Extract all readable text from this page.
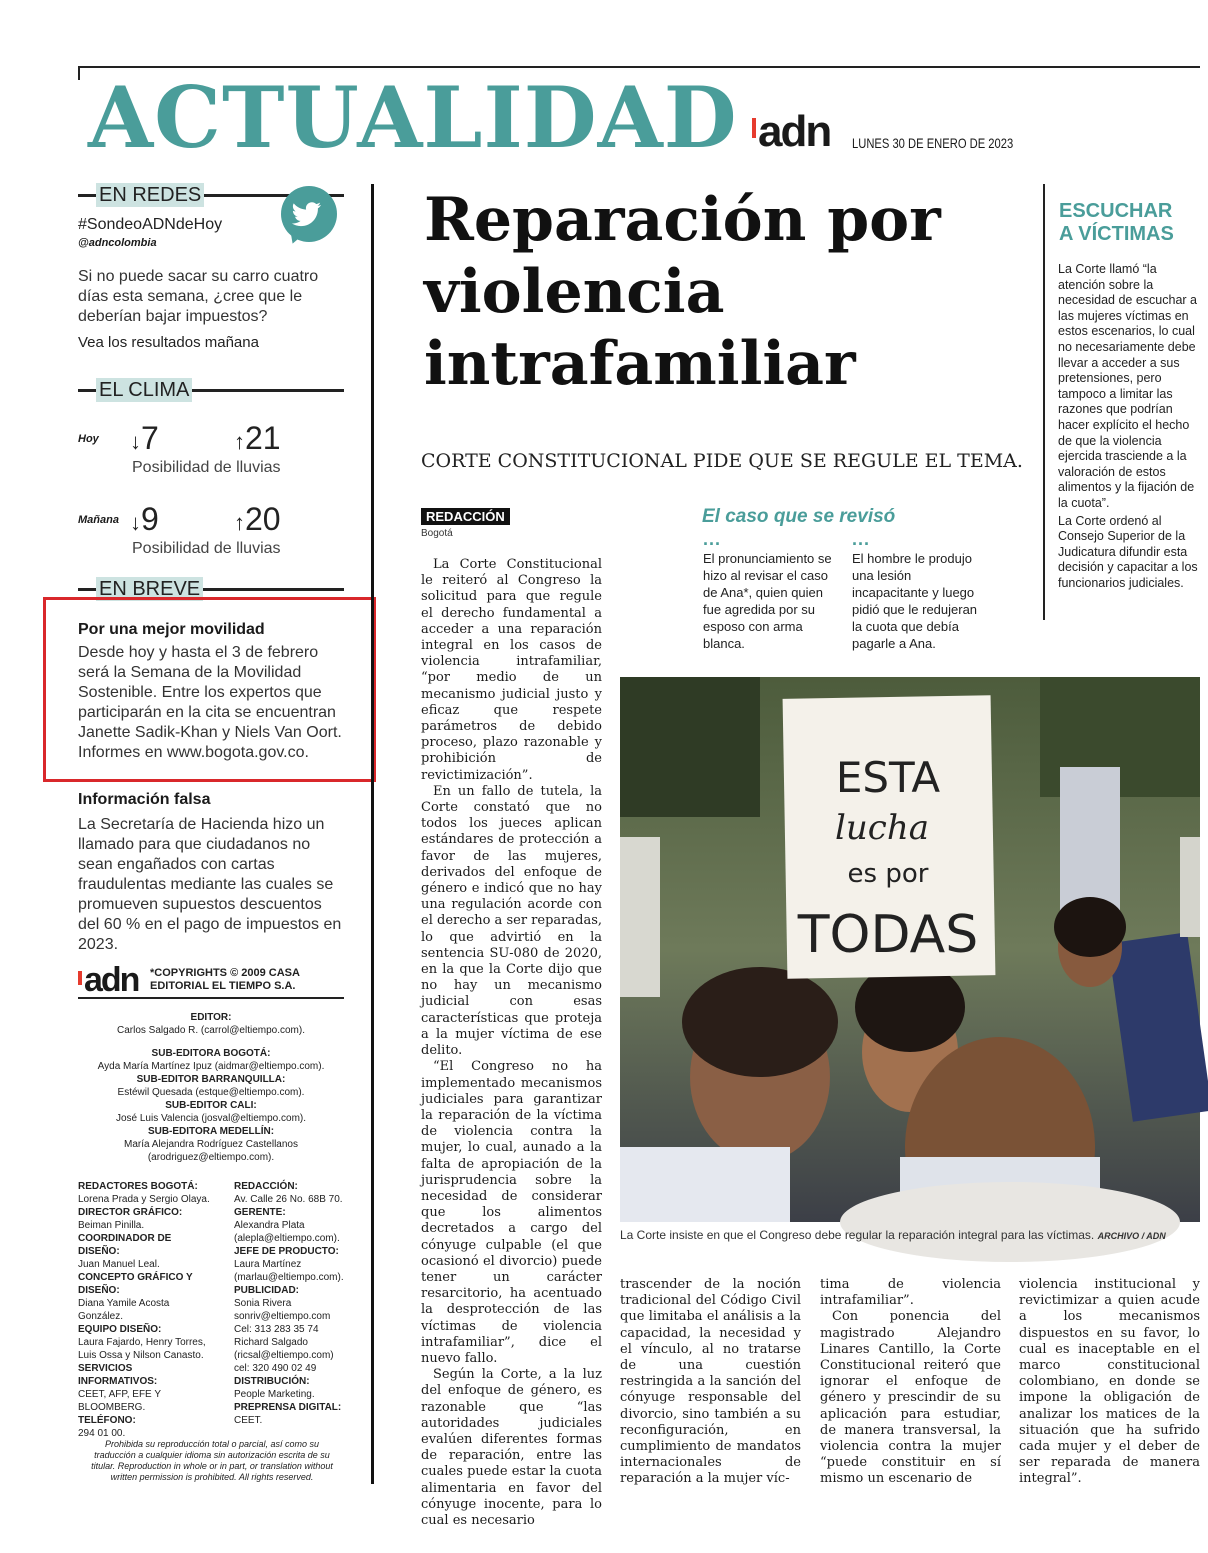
ACTUALIDAD adn LUNES 30 DE ENERO DE 2023
EN REDES
#SondeoADNdeHoy
@adncolombia
Si no puede sacar su carro cuatro días esta semana, ¿cree que le deberían bajar impuestos?
Vea los resultados mañana
EL CLIMA
Hoy ↓7	↑21
Posibilidad de lluvias
Mañana ↓9	↑20
Posibilidad de lluvias
EN BREVE
Por una mejor movilidad
Desde hoy y hasta el 3 de febrero será la Semana de la Movilidad Sostenible. Entre los expertos que participarán en la cita se encuentran Janette Sadik-Khan y Niels Van Oort. Informes en www.bogota.gov.co.
Información falsa
La Secretaría de Hacienda hizo un llamado para que ciudadanos no sean engañados con cartas fraudulentas mediante las cuales se promueven supuestos descuentos del 60 % en el pago de impuestos en 2023.
adn *COPYRIGHTS © 2009 CASA EDITORIAL EL TIEMPO S.A.
EDITOR:
Carlos Salgado R. (carrol@eltiempo.com).
SUB-EDITORA BOGOTÁ:
Ayda María Martínez Ipuz (aidmar@eltiempo.com).
SUB-EDITOR BARRANQUILLA:
Estéwil Quesada (estque@eltiempo.com).
SUB-EDITOR CALI:
José Luis Valencia (josval@eltiempo.com).
SUB-EDITORA MEDELLÍN:
María Alejandra Rodríguez Castellanos (arodriguez@eltiempo.com).
REDACTORES BOGOTÁ:
Lorena Prada y Sergio Olaya.
DIRECTOR GRÁFICO:
Beiman Pinilla.
COORDINADOR DE DISEÑO:
Juan Manuel Leal.
CONCEPTO GRÁFICO Y DISEÑO:
Diana Yamile Acosta González.
EQUIPO DISEÑO:
Laura Fajardo, Henry Torres, Luis Ossa y Nilson Canasto.
SERVICIOS INFORMATIVOS:
CEET, AFP, EFE Y BLOOMBERG.
TELÉFONO:
294 01 00.
REDACCIÓN:
Av. Calle 26 No. 68B 70.
GERENTE:
Alexandra Plata (alepla@eltiempo.com).
JEFE DE PRODUCTO:
Laura Martínez (marlau@eltiempo.com).
PUBLICIDAD:
Sonia Rivera sonriv@eltiempo.com Cel: 313 283 35 74 Richard Salgado (ricsal@eltiempo.com) cel: 320 490 02 49
DISTRIBUCIÓN:
People Marketing.
PREPRENSA DIGITAL:
CEET.
Prohibida su reproducción total o parcial, así como su traducción a cualquier idioma sin autorización escrita de su titular. Reproduction in whole or in part, or translation without written permission is prohibited. All rights reserved.
Reparación por violencia intrafamiliar
CORTE CONSTITUCIONAL PIDE QUE SE REGULE EL TEMA.
REDACCIÓN
Bogotá

La Corte Constitucional le reiteró al Congreso la solicitud para que regule el derecho fundamental a acceder a una reparación integral en los casos de violencia intrafamiliar, “por medio de un mecanismo judicial justo y eficaz que respete parámetros de debido proceso, plazo razonable y prohibición de revictimización”.

En un fallo de tutela, la Corte constató que no todos los jueces aplican estándares de protección a favor de las mujeres, derivados del enfoque de género e indicó que no hay una regulación acorde con el derecho a ser reparadas, lo que advirtió en la sentencia SU-080 de 2020, en la que la Corte dijo que no hay un mecanismo judicial con esas características que proteja a la mujer víctima de ese delito.

“El Congreso no ha implementado mecanismos judiciales para garantizar la reparación de la víctima de violencia contra la mujer, lo cual, aunado a la falta de apropiación de la jurisprudencia sobre la necesidad de considerar que los alimentos decretados a cargo del cónyuge culpable (el que ocasionó el divorcio) puede tener un carácter resarcitorio, ha acentuado la desprotección de las víctimas de violencia intrafamiliar”, dice el nuevo fallo.

Según la Corte, a la luz del enfoque de género, es razonable que “las autoridades judiciales evalúen diferentes formas de reparación, entre las cuales puede estar la cuota alimentaria en favor del cónyuge inocente, para lo cual es necesario

El caso que se revisó
...	...
El pronunciamiento se hizo al revisar el caso de Ana*, quien quien fue agredida por su esposo con arma blanca.
El hombre le produjo una lesión incapacitante y luego pidió que le redujeran la cuota que debía pagarle a Ana.
ESCUCHAR
A VÍCTIMAS
La Corte llamó “la atención sobre la necesidad de escuchar a las mujeres víctimas en estos escenarios, lo cual no necesariamente debe llevar a acceder a sus pretensiones, pero tampoco a limitar las razones que podrían hacer explícito el hecho de que la violencia ejercida trasciende a la valoración de estos alimentos y la fijación de la cuota”.
La Corte ordenó al Consejo Superior de la Judicatura difundir esta decisión y capacitar a los funcionarios judiciales.
ESTA
lucha
es por
TODAS
La Corte insiste en que el Congreso debe regular la reparación integral para las víctimas. ARCHIVO / ADN
trascender de la noción tradicional del Código Civil que limitaba el análisis a la capacidad, la necesidad y el vínculo, al no tratarse de una cuestión restringida a la sanción del cónyuge responsable del divorcio, sino también a su reconfiguración, en cumplimiento de mandatos internacionales de reparación a la mujer víc-
tima de violencia intrafamiliar”.

Con ponencia del magistrado Alejandro Linares Cantillo, la Corte Constitucional reiteró que ignorar el enfoque de género y prescindir de su aplicación para estudiar, de manera transversal, la violencia contra la mujer “puede constituir en sí mismo un escenario de

violencia institucional y revictimizar a quien acude a los mecanismos dispuestos en su favor, lo cual es inaceptable en el marco constitucional colombiano, en donde se impone la obligación de analizar los matices de la situación que ha sufrido cada mujer y el deber de ser reparada de manera integral”.
